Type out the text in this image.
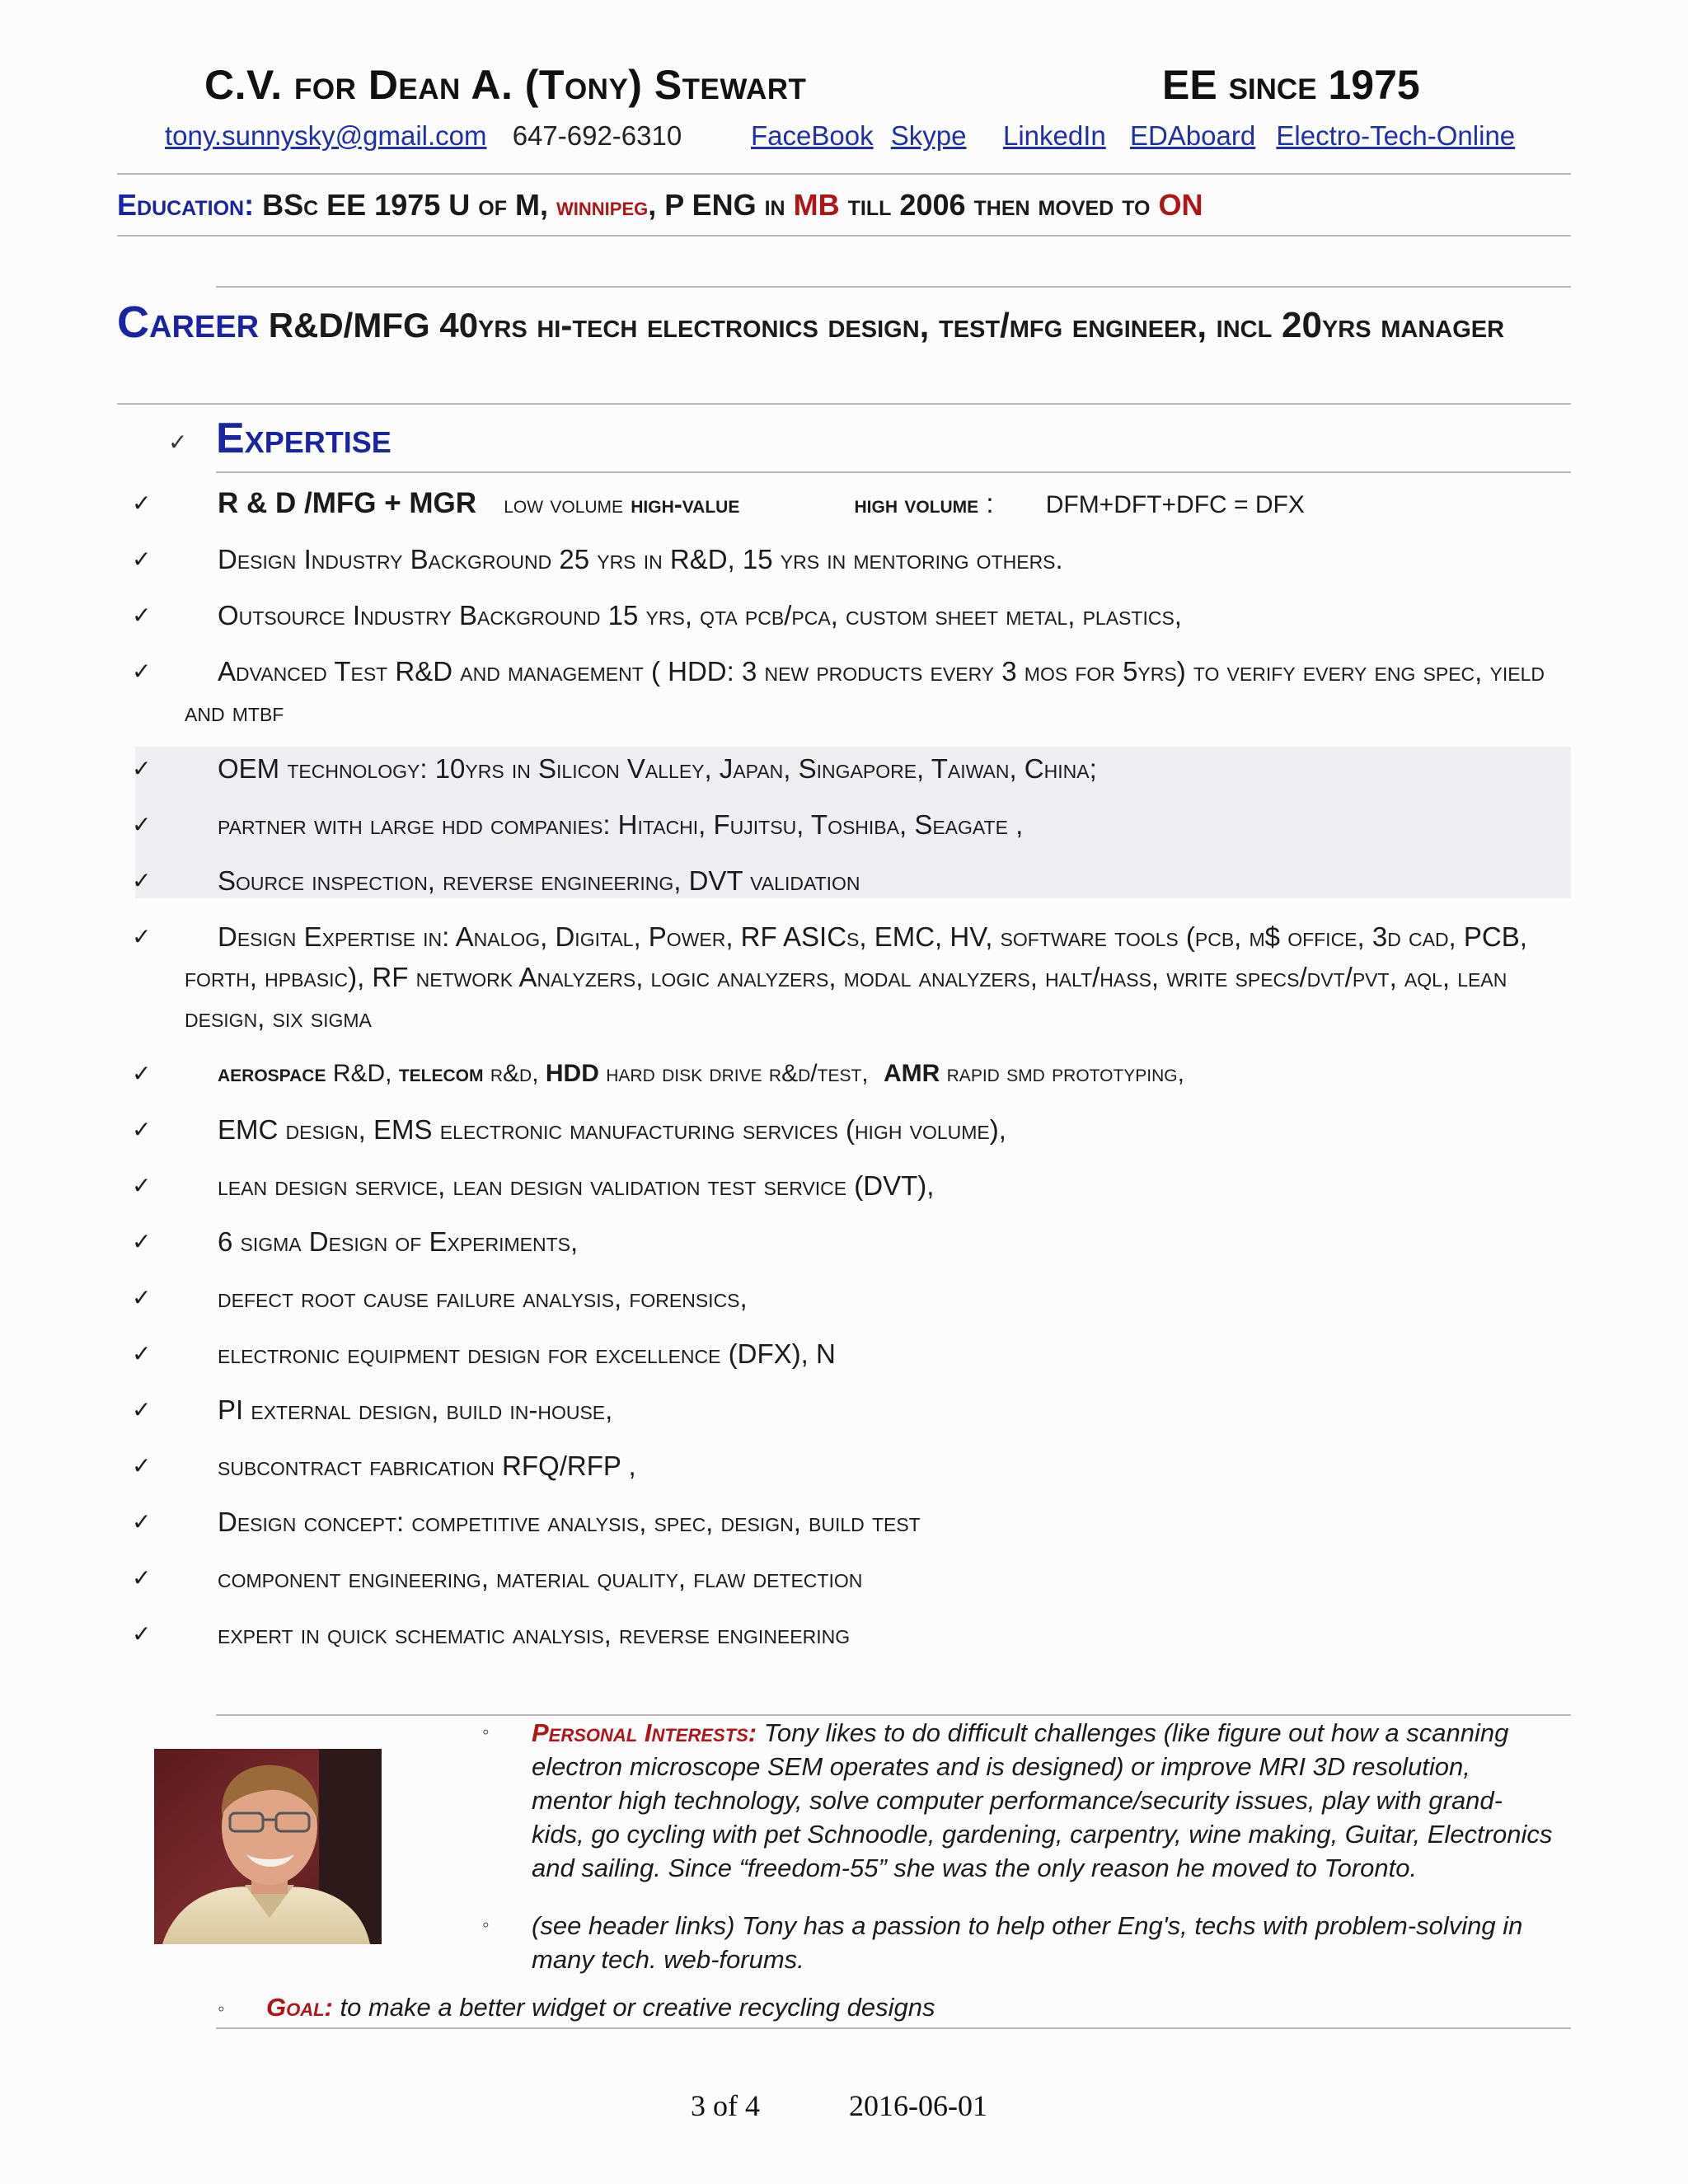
C.V. for Dean A. (Tony) Stewart	EE since 1975
tony.sunnysky@gmail.com 647-692-6310	FaceBook Skype LinkedIn EDAboard Electro-Tech-Online
Education: BSc EE 1975 U of M, winnipeg, P ENG in MB till 2006 then moved to ON
Career R&D/MFG 40yrs hi-tech electronics design, test/mfg engineer, incl 20yrs manager
✓ Expertise
✓ R & D /MFG + MGR low volume high-value	high volume : DFM+DFT+DFC = DFX
✓ Design Industry Background 25 yrs in R&D, 15 yrs in mentoring others.
✓ Outsource Industry Background 15 yrs, qta pcb/pca, custom sheet metal, plastics,
✓	Advanced Test R&D and management ( HDD: 3 new products every 3 mos for 5yrs) to verify every eng spec, yield and mtbf
✓ OEM technology: 10yrs in Silicon Valley, Japan, Singapore, Taiwan, China;
✓ partner with large hdd companies: Hitachi, Fujitsu, Toshiba, Seagate ,
✓ Source inspection, reverse engineering, DVT validation
✓	Design Expertise in: Analog, Digital, Power, RF ASICs, EMC, HV, software tools (pcb, m$ office, 3d cad, PCB, forth, hpbasic), RF network Analyzers, logic analyzers, modal analyzers, halt/hass, write specs/dvt/pvt, aql, lean design, six sigma
✓	aerospace R&D, telecom r&d, HDD hard disk drive r&d/test, AMR rapid smd prototyping,
✓ EMC design, EMS electronic manufacturing services (high volume),
✓ lean design service, lean design validation test service (DVT),
✓ 6 sigma Design of Experiments,
✓ defect root cause failure analysis, forensics,
✓ electronic equipment design for excellence (DFX), N
✓ PI external design, build in-house,
✓ subcontract fabrication RFQ/RFP ,
✓ Design concept: competitive analysis, spec, design, build test
✓ component engineering, material quality, flaw detection
✓ expert in quick schematic analysis, reverse engineering
◦ Personal Interests: Tony likes to do difficult challenges (like figure out how a scanning electron microscope SEM operates and is designed) or improve MRI 3D resolution, mentor high technology, solve computer performance/security issues, play with grand-kids, go cycling with pet Schnoodle, gardening, carpentry, wine making, Guitar, Electronics and sailing. Since “freedom-55” she was the only reason he moved to Toronto.
◦ (see header links) Tony has a passion to help other Eng's, techs with problem-solving in many tech. web-forums.
◦ Goal: to make a better widget or creative recycling designs
3 of 4	2016-06-01
